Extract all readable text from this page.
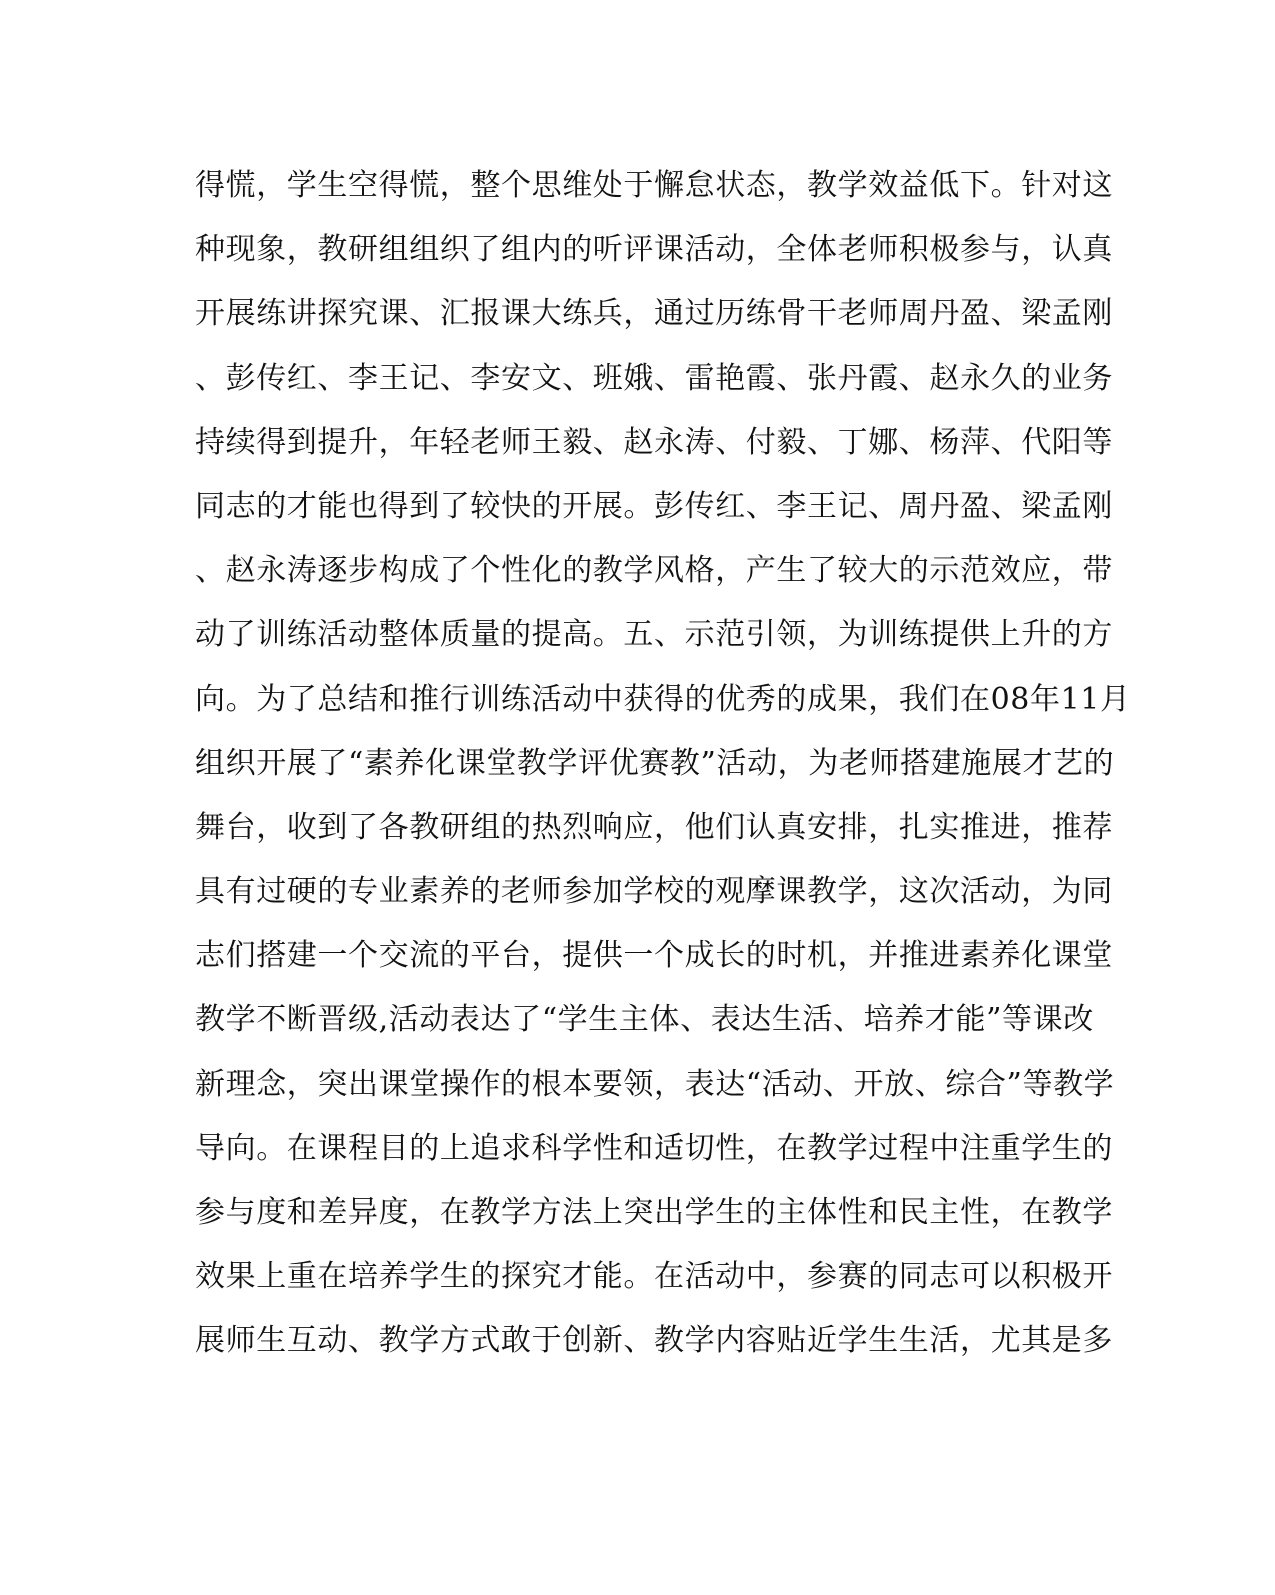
得慌，学生空得慌，整个思维处于懈怠状态，教学效益低下。针对这
种现象，教研组组织了组内的听评课活动，全体老师积极参与，认真
开展练讲探究课、汇报课大练兵，通过历练骨干老师周丹盈、梁孟刚
、彭传红、李王记、李安文、班娥、雷艳霞、张丹霞、赵永久的业务
持续得到提升，年轻老师王毅、赵永涛、付毅、丁娜、杨萍、代阳等
同志的才能也得到了较快的开展。彭传红、李王记、周丹盈、梁孟刚
、赵永涛逐步构成了个性化的教学风格，产生了较大的示范效应，带
动了训练活动整体质量的提高。五、示范引领，为训练提供上升的方
向。为了总结和推行训练活动中获得的优秀的成果，我们在08年11月
组织开展了“素养化课堂教学评优赛教”活动，为老师搭建施展才艺的
舞台，收到了各教研组的热烈响应，他们认真安排，扎实推进，推荐
具有过硬的专业素养的老师参加学校的观摩课教学，这次活动，为同
志们搭建一个交流的平台，提供一个成长的时机，并推进素养化课堂
教学不断晋级,活动表达了“学生主体、表达生活、培养才能”等课改
新理念，突出课堂操作的根本要领，表达“活动、开放、综合”等教学
导向。在课程目的上追求科学性和适切性，在教学过程中注重学生的
参与度和差异度，在教学方法上突出学生的主体性和民主性，在教学
效果上重在培养学生的探究才能。在活动中，参赛的同志可以积极开
展师生互动、教学方式敢于创新、教学内容贴近学生生活，尤其是多
